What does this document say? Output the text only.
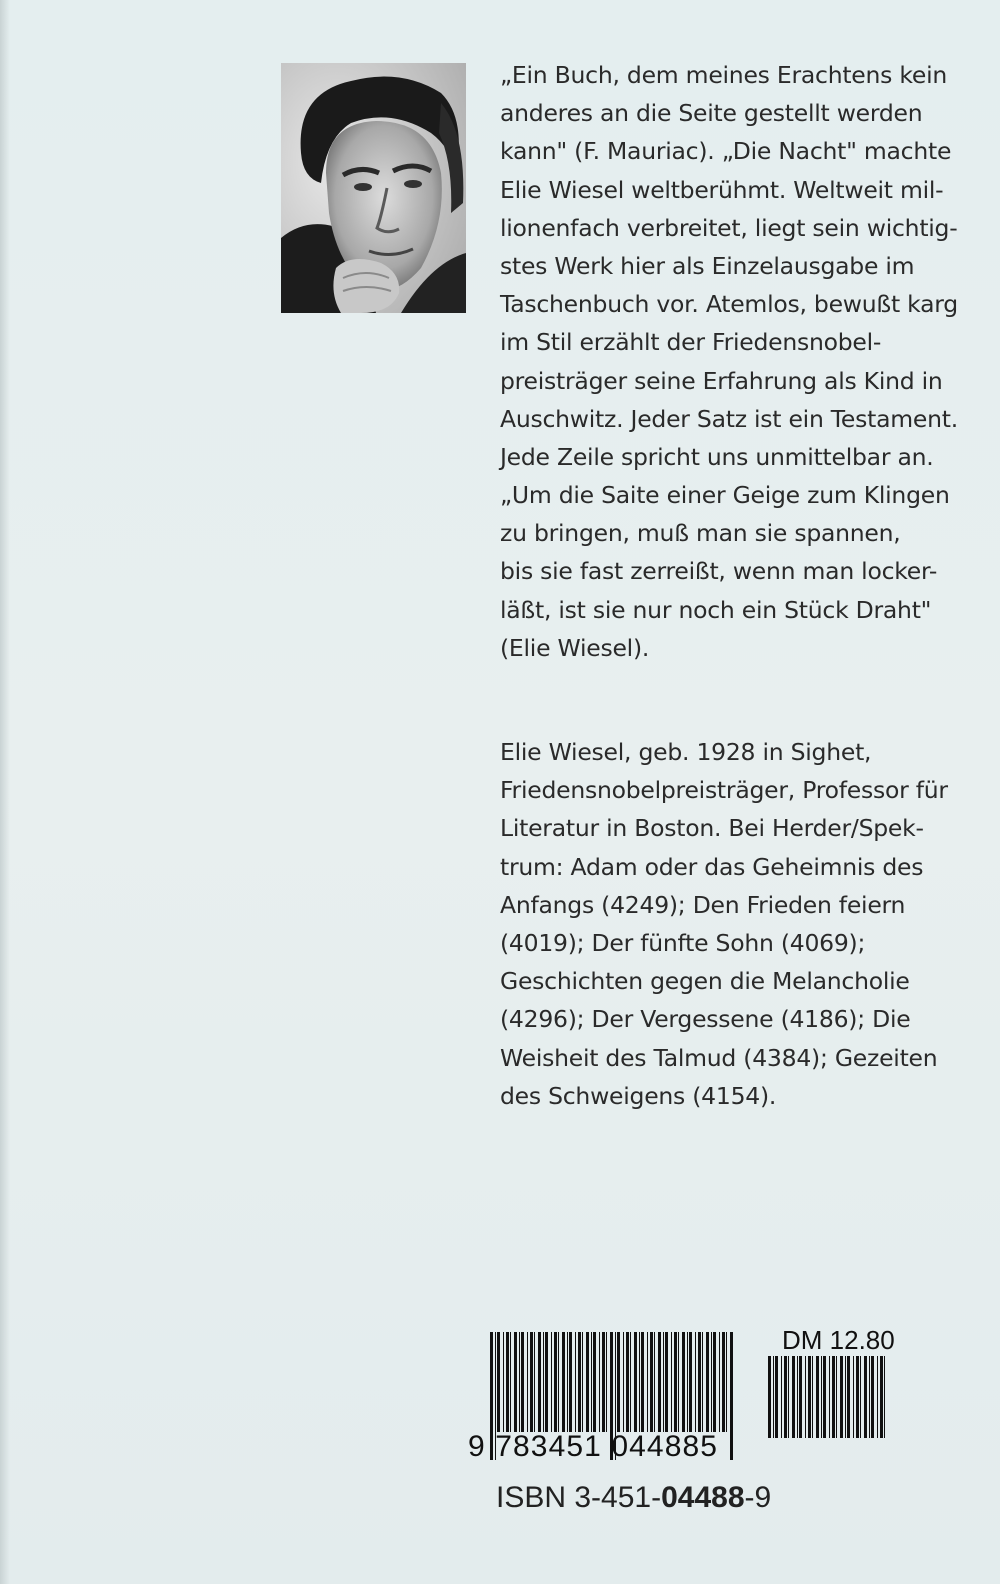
„Ein Buch, dem meines Erachtens kein
anderes an die Seite gestellt werden
kann" (F. Mauriac). „Die Nacht" machte
Elie Wiesel weltberühmt. Weltweit mil-
lionenfach verbreitet, liegt sein wichtig-
stes Werk hier als Einzelausgabe im
Taschenbuch vor. Atemlos, bewußt karg
im Stil erzählt der Friedensnobel-
preisträger seine Erfahrung als Kind in
Auschwitz. Jeder Satz ist ein Testament.
Jede Zeile spricht uns unmittelbar an.
„Um die Saite einer Geige zum Klingen
zu bringen, muß man sie spannen,
bis sie fast zerreißt, wenn man locker-
läßt, ist sie nur noch ein Stück Draht"
(Elie Wiesel).
Elie Wiesel, geb. 1928 in Sighet,
Friedensnobelpreisträger, Professor für
Literatur in Boston. Bei Herder/Spek-
trum: Adam oder das Geheimnis des
Anfangs (4249); Den Frieden feiern
(4019); Der fünfte Sohn (4069);
Geschichten gegen die Melancholie
(4296); Der Vergessene (4186); Die
Weisheit des Talmud (4384); Gezeiten
des Schweigens (4154).
9 783451 044885
DM 12.80
ISBN 3-451-04488-9
